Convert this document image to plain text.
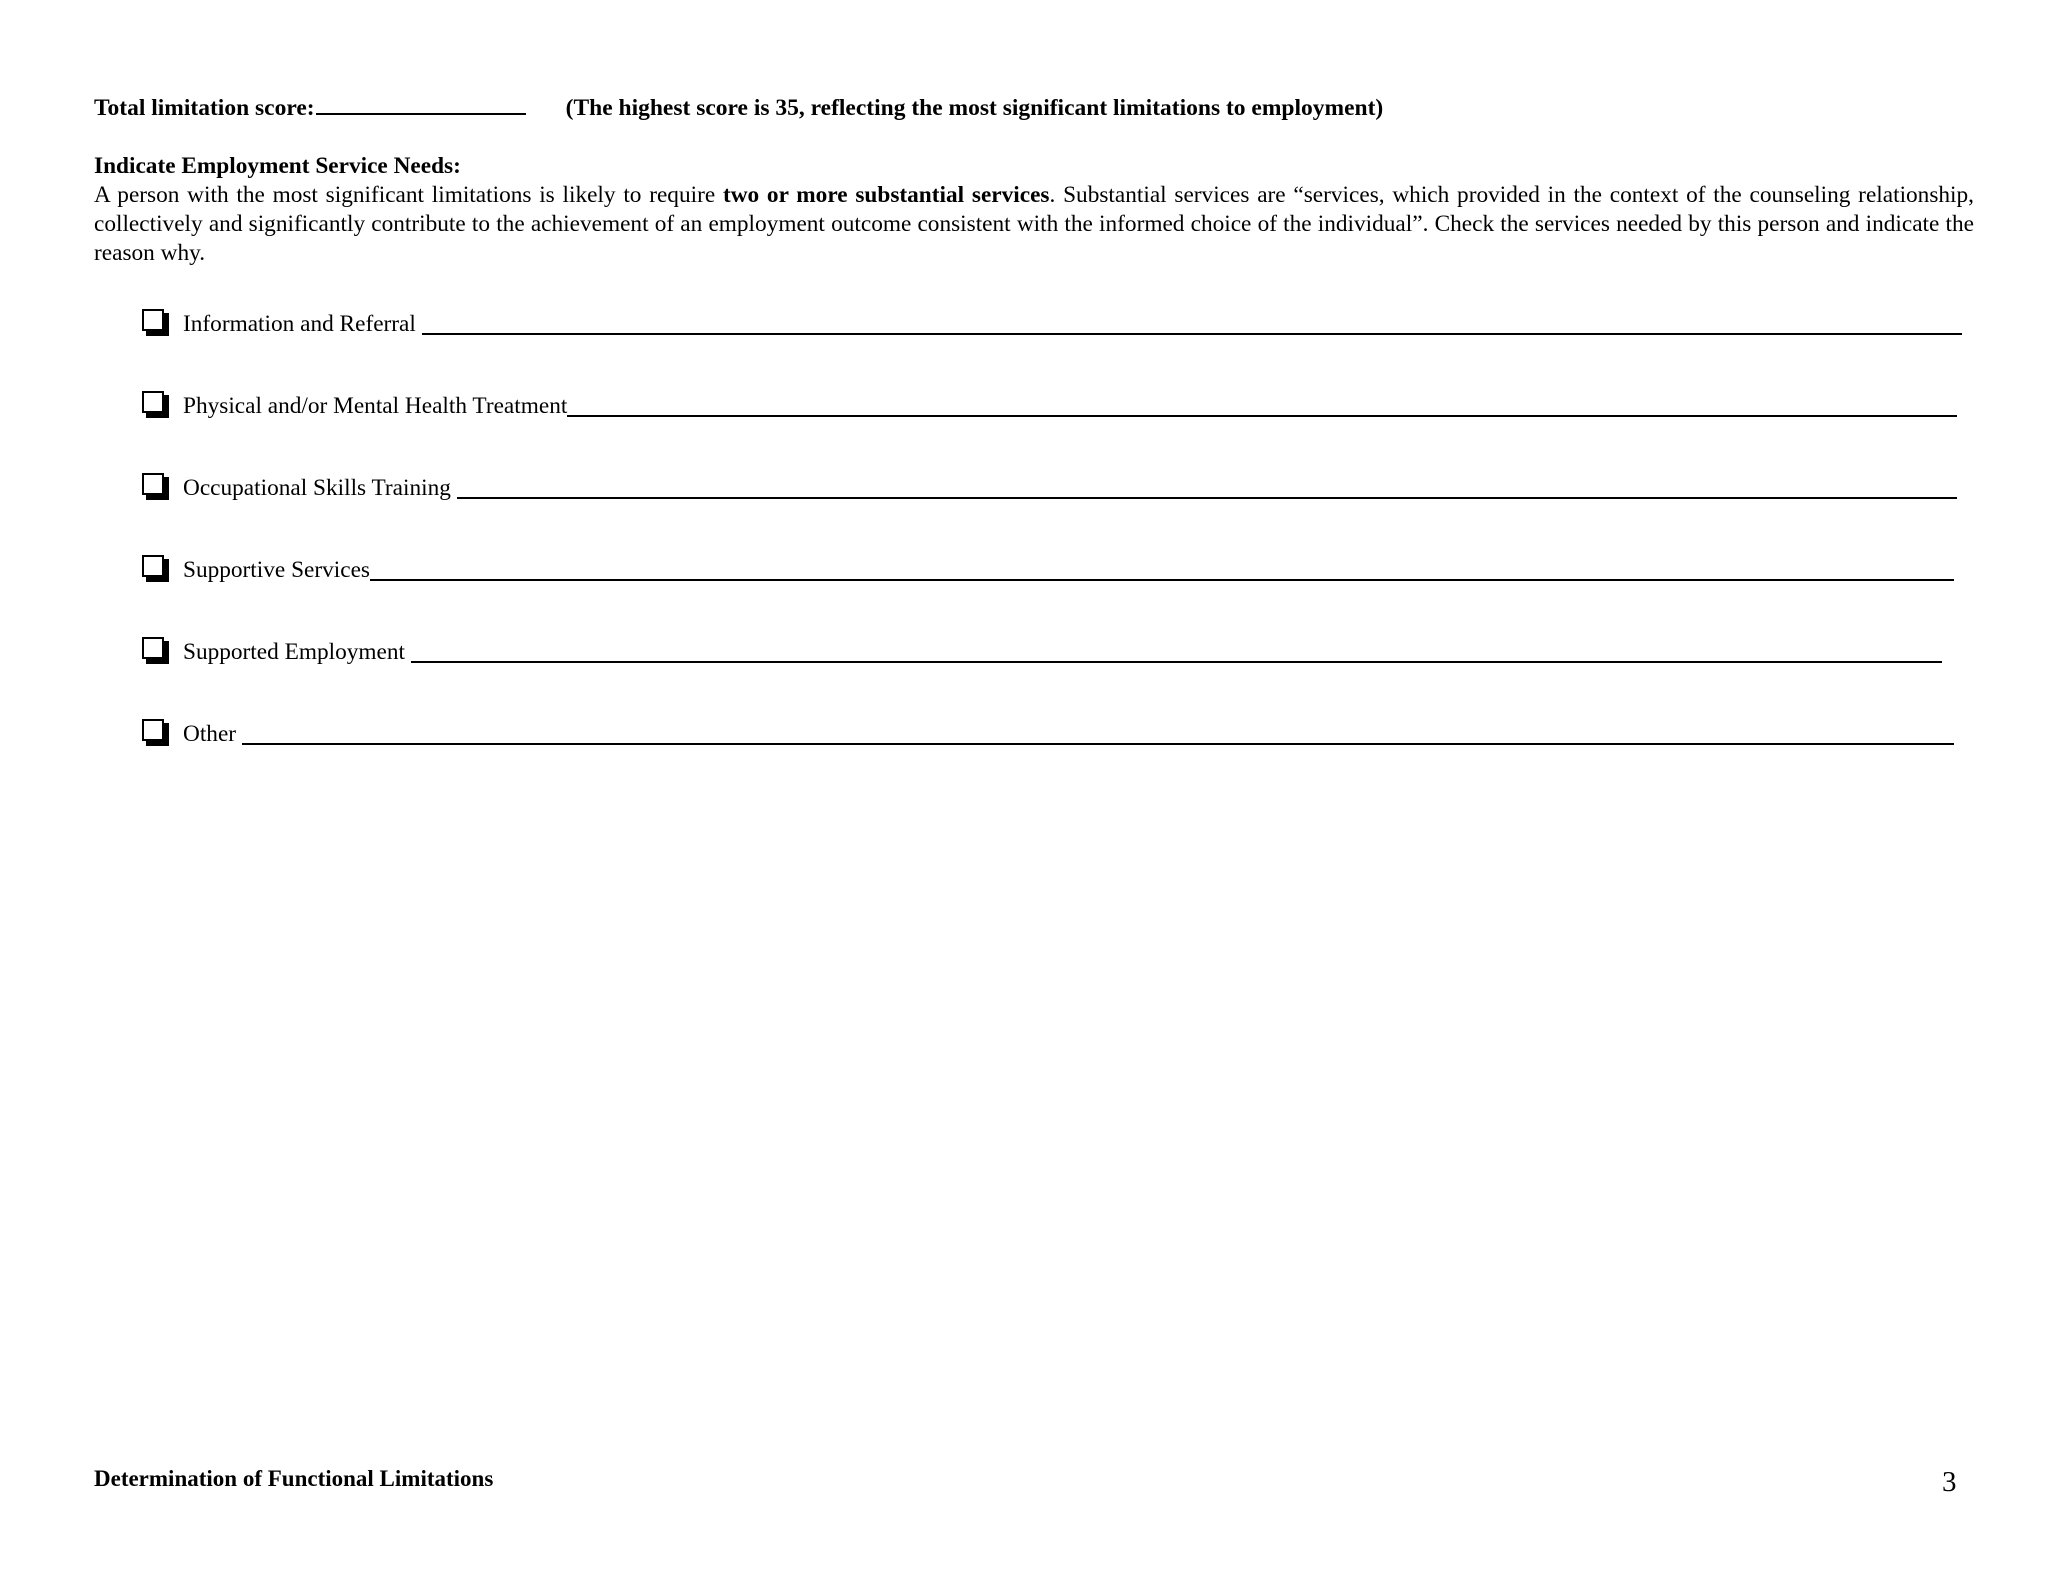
Total limitation score:	(The highest score is 35, reflecting the most significant limitations to employment)
Indicate Employment Service Needs:
A person with the most significant limitations is likely to require two or more substantial services. Substantial services are “services, which provided in the context of the counseling relationship, collectively and significantly contribute to the achievement of an employment outcome consistent with the informed choice of the individual”. Check the services needed by this person and indicate the reason why.
Information and Referral
Physical and/or Mental Health Treatment
Occupational Skills Training
Supportive Services
Supported Employment
Other
Determination of Functional Limitations	3
